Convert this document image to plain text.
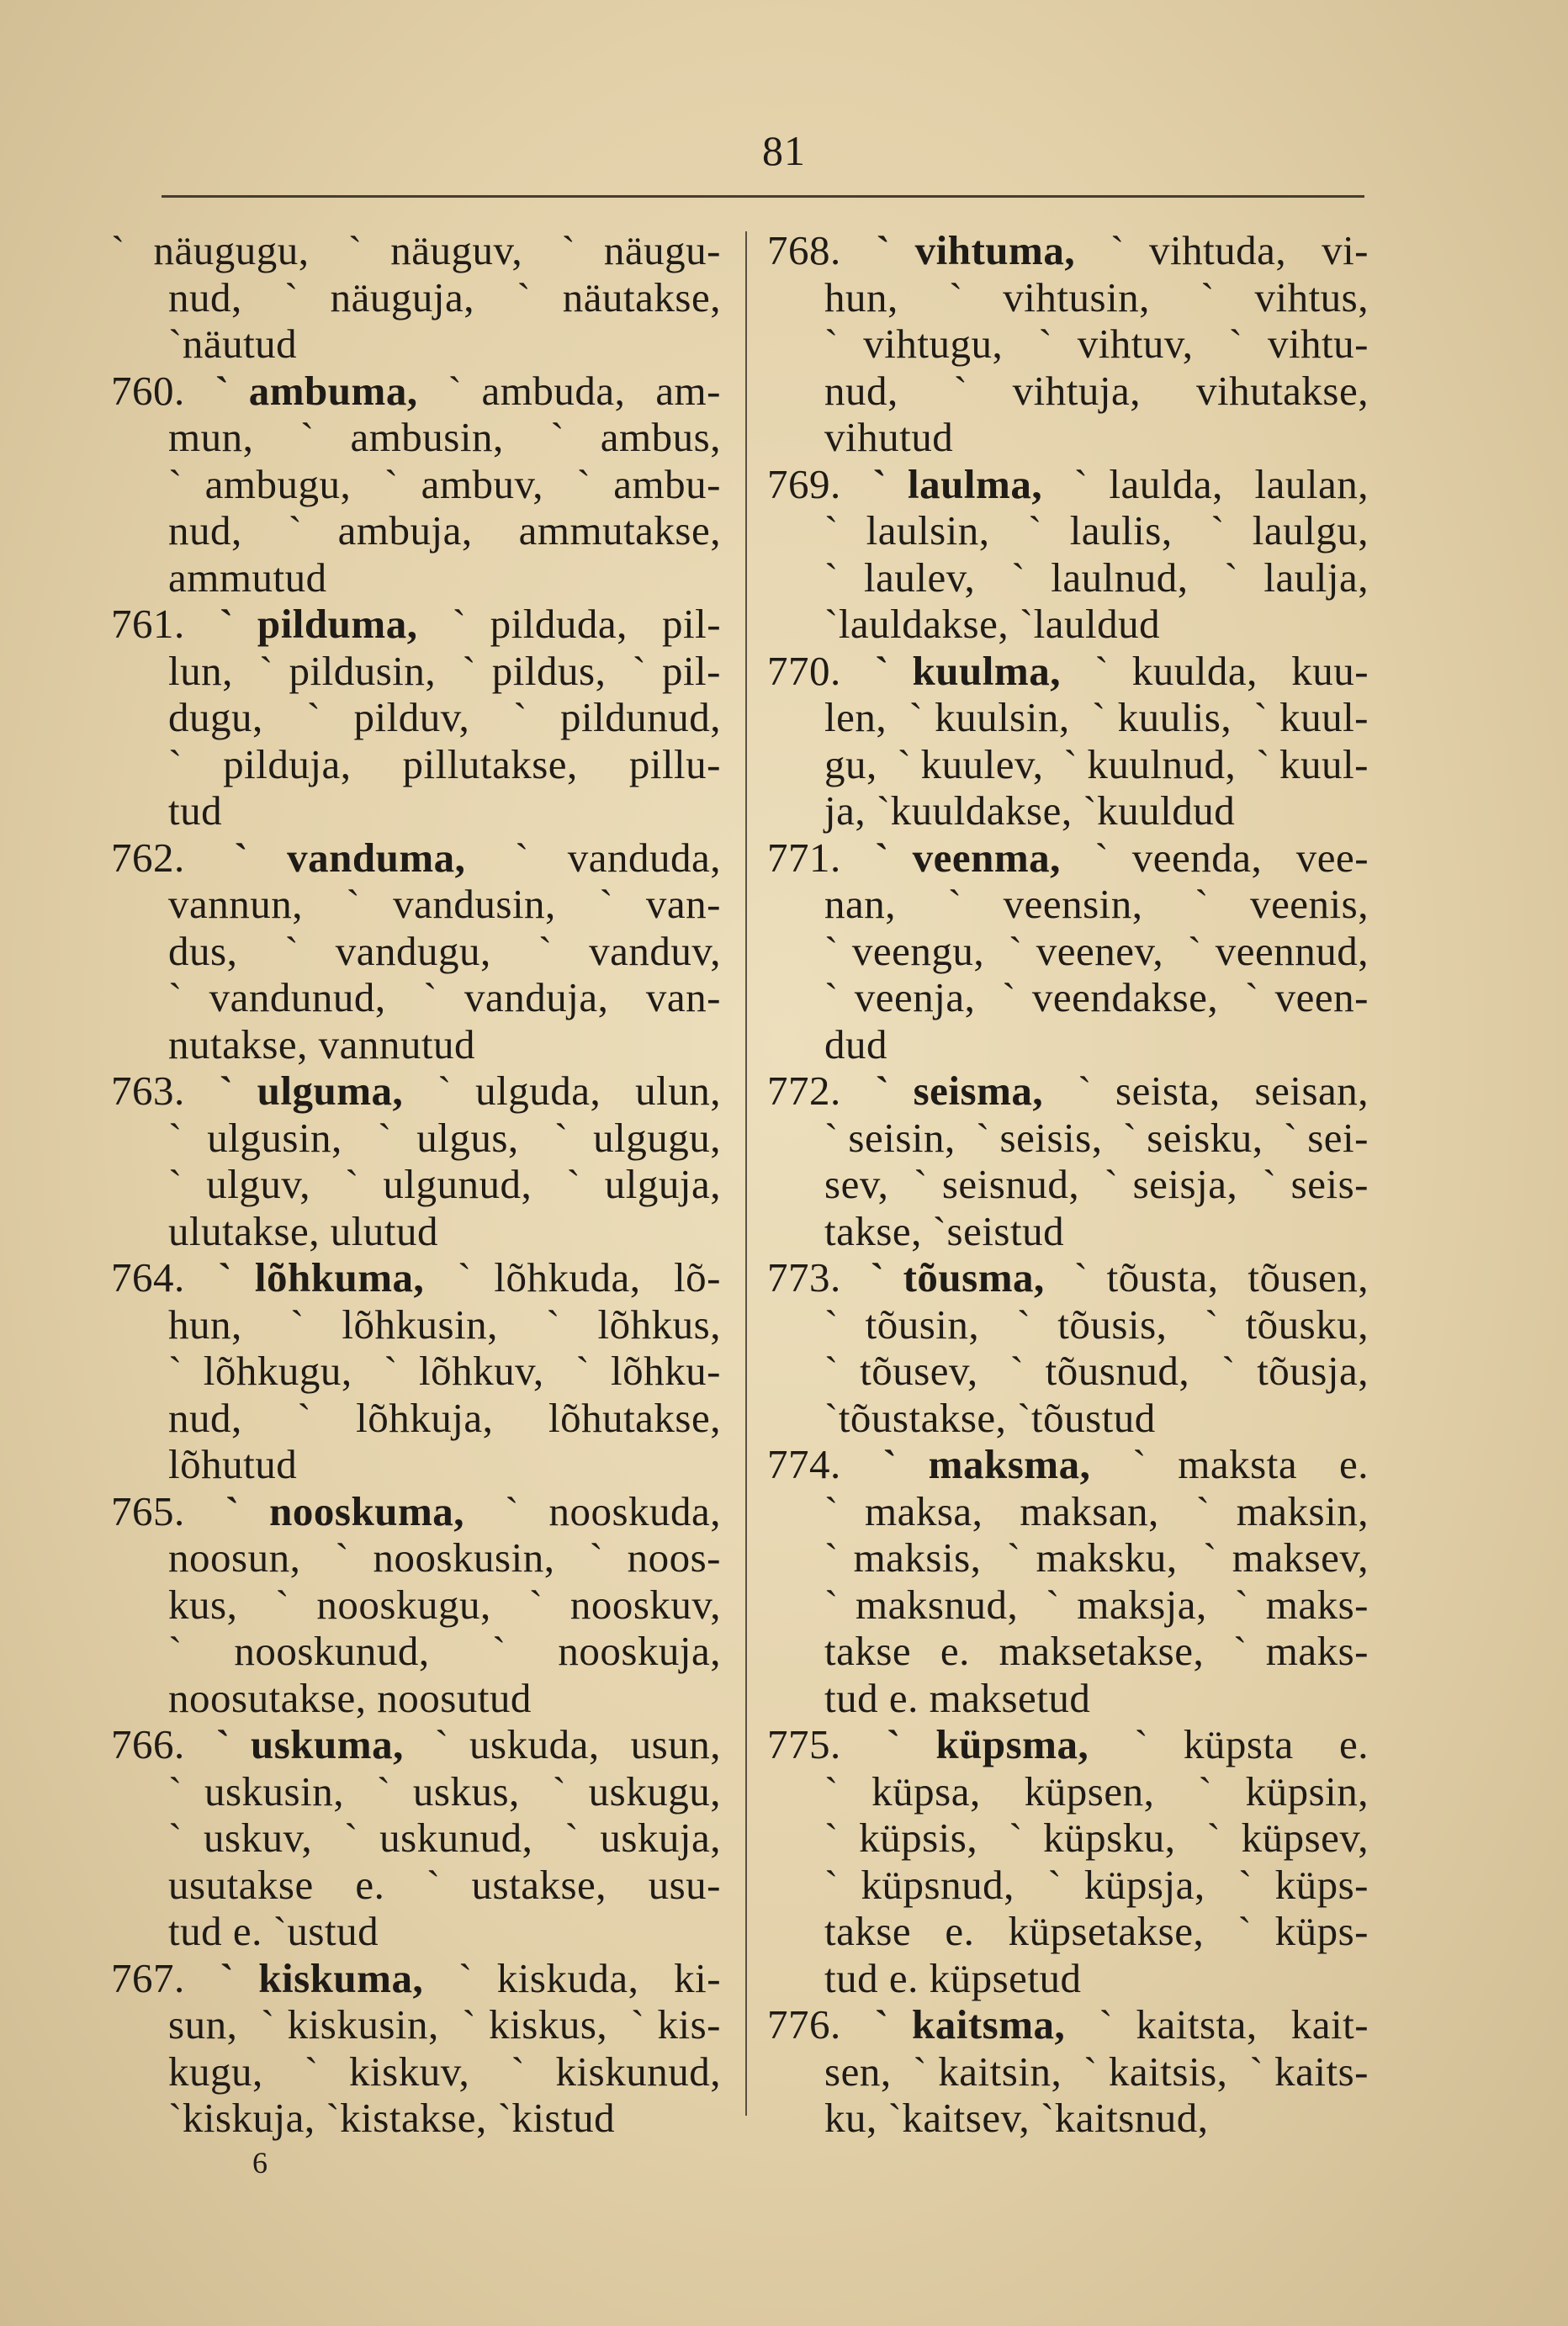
81
ˋnäugugu, ˋnäuguv, ˋnäugu-
nud, ˋnäuguja, ˋnäutakse,
ˋnäutud
760. ˋambuma, ˋambuda, am-
mun, ˋambusin, ˋambus,
ˋambugu, ˋambuv, ˋambu-
nud, ˋambuja, ammutakse,
ammutud
761. ˋpilduma, ˋpilduda, pil-
lun, ˋpildusin, ˋpildus, ˋpil-
dugu, ˋpilduv, ˋpildunud,
ˋpilduja, pillutakse, pillu-
tud
762. ˋvanduma, ˋvanduda,
vannun, ˋvandusin, ˋvan-
dus, ˋvandugu, ˋvanduv,
ˋvandunud, ˋvanduja, van-
nutakse, vannutud
763. ˋulguma, ˋulguda, ulun,
ˋulgusin, ˋulgus, ˋulgugu,
ˋulguv, ˋulgunud, ˋulguja,
ulutakse, ulutud
764. ˋlõhkuma, ˋlõhkuda, lõ-
hun, ˋlõhkusin, ˋlõhkus,
ˋlõhkugu, ˋlõhkuv, ˋlõhku-
nud, ˋlõhkuja, lõhutakse,
lõhutud
765. ˋnooskuma, ˋnooskuda,
noosun, ˋnooskusin, ˋnoos-
kus, ˋnooskugu, ˋnooskuv,
ˋnooskunud, ˋnooskuja,
noosutakse, noosutud
766. ˋuskuma, ˋuskuda, usun,
ˋuskusin, ˋuskus, ˋuskugu,
ˋuskuv, ˋuskunud, ˋuskuja,
usutakse e. ˋustakse, usu-
tud e. ˋustud
767. ˋkiskuma, ˋkiskuda, ki-
sun, ˋkiskusin, ˋkiskus, ˋkis-
kugu, ˋkiskuv, ˋkiskunud,
ˋkiskuja, ˋkistakse, ˋkistud
768. ˋvihtuma, ˋvihtuda, vi-
hun, ˋvihtusin, ˋvihtus,
ˋvihtugu, ˋvihtuv, ˋvihtu-
nud, ˋvihtuja, vihutakse,
vihutud
769. ˋlaulma, ˋlaulda, laulan,
ˋlaulsin, ˋlaulis, ˋlaulgu,
ˋlaulev, ˋlaulnud, ˋlaulja,
ˋlauldakse, ˋlauldud
770. ˋkuulma, ˋkuulda, kuu-
len, ˋkuulsin, ˋkuulis, ˋkuul-
gu, ˋkuulev, ˋkuulnud, ˋkuul-
ja, ˋkuuldakse, ˋkuuldud
771. ˋveenma, ˋveenda, vee-
nan, ˋveensin, ˋveenis,
ˋveengu, ˋveenev, ˋveennud,
ˋveenja, ˋveendakse, ˋveen-
dud
772. ˋseisma, ˋseista, seisan,
ˋseisin, ˋseisis, ˋseisku, ˋsei-
sev, ˋseisnud, ˋseisja, ˋseis-
takse, ˋseistud
773. ˋtõusma, ˋtõusta, tõusen,
ˋtõusin, ˋtõusis, ˋtõusku,
ˋtõusev, ˋtõusnud, ˋtõusja,
ˋtõustakse, ˋtõustud
774. ˋmaksma, ˋmaksta e.
ˋmaksa, maksan, ˋmaksin,
ˋmaksis, ˋmaksku, ˋmaksev,
ˋmaksnud, ˋmaksja, ˋmaks-
takse e. maksetakse, ˋmaks-
tud e. maksetud
775. ˋküpsma, ˋküpsta e.
ˋküpsa, küpsen, ˋküpsin,
ˋküpsis, ˋküpsku, ˋküpsev,
ˋküpsnud, ˋküpsja, ˋküps-
takse e. küpsetakse, ˋküps-
tud e. küpsetud
776. ˋkaitsma, ˋkaitsta, kait-
sen, ˋkaitsin, ˋkaitsis, ˋkaits-
ku, ˋkaitsev, ˋkaitsnud,
6
